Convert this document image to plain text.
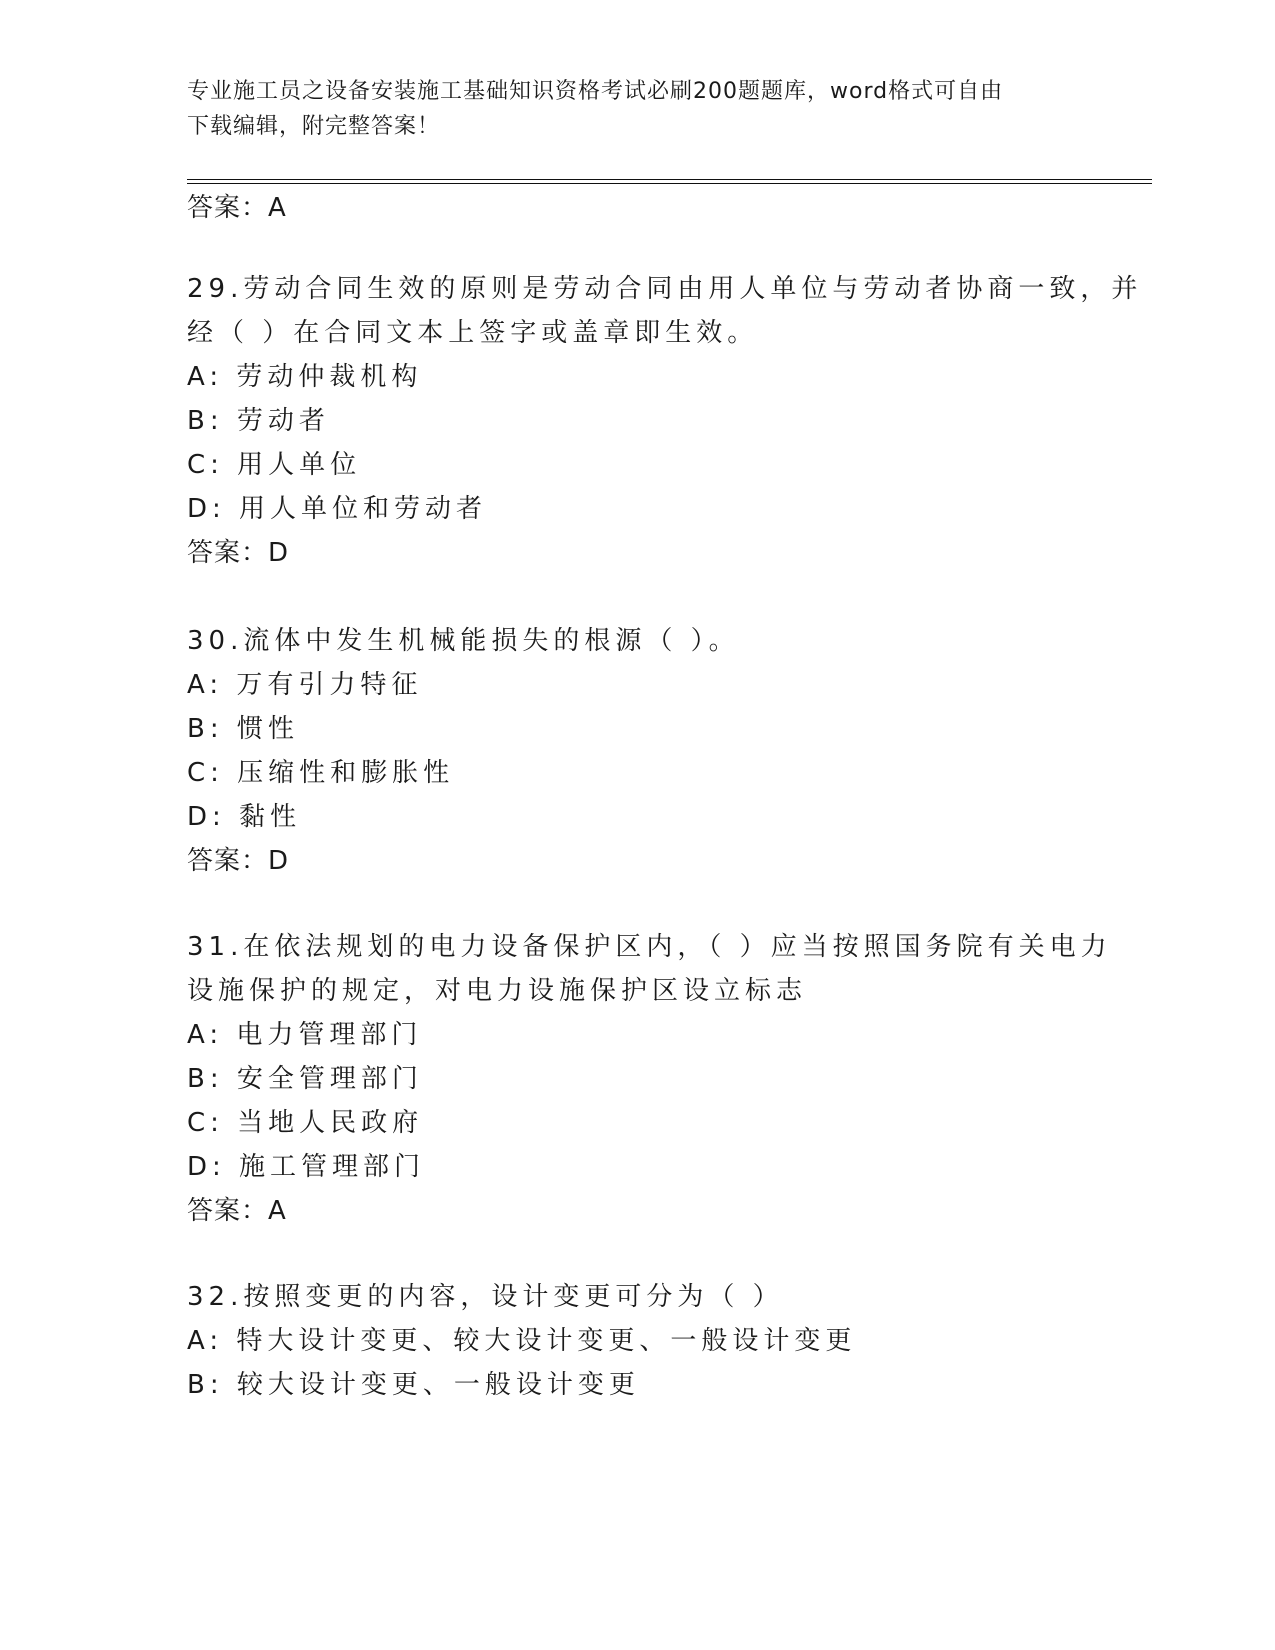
专业施工员之设备安装施工基础知识资格考试必刷200题题库，word格式可自由
下载编辑，附完整答案！
答案：A
29.劳动合同生效的原则是劳动合同由用人单位与劳动者协商一致，并
经（ ）在合同文本上签字或盖章即生效。
A: 劳动仲裁机构
B: 劳动者
C: 用人单位
D: 用人单位和劳动者
答案：D
30.流体中发生机械能损失的根源（ ）。
A: 万有引力特征
B: 惯性
C: 压缩性和膨胀性
D: 黏性
答案：D
31.在依法规划的电力设备保护区内，（ ）应当按照国务院有关电力
设施保护的规定，对电力设施保护区设立标志
A: 电力管理部门
B: 安全管理部门
C: 当地人民政府
D: 施工管理部门
答案：A
32.按照变更的内容，设计变更可分为（ ）
A: 特大设计变更、较大设计变更、一般设计变更
B: 较大设计变更、一般设计变更
